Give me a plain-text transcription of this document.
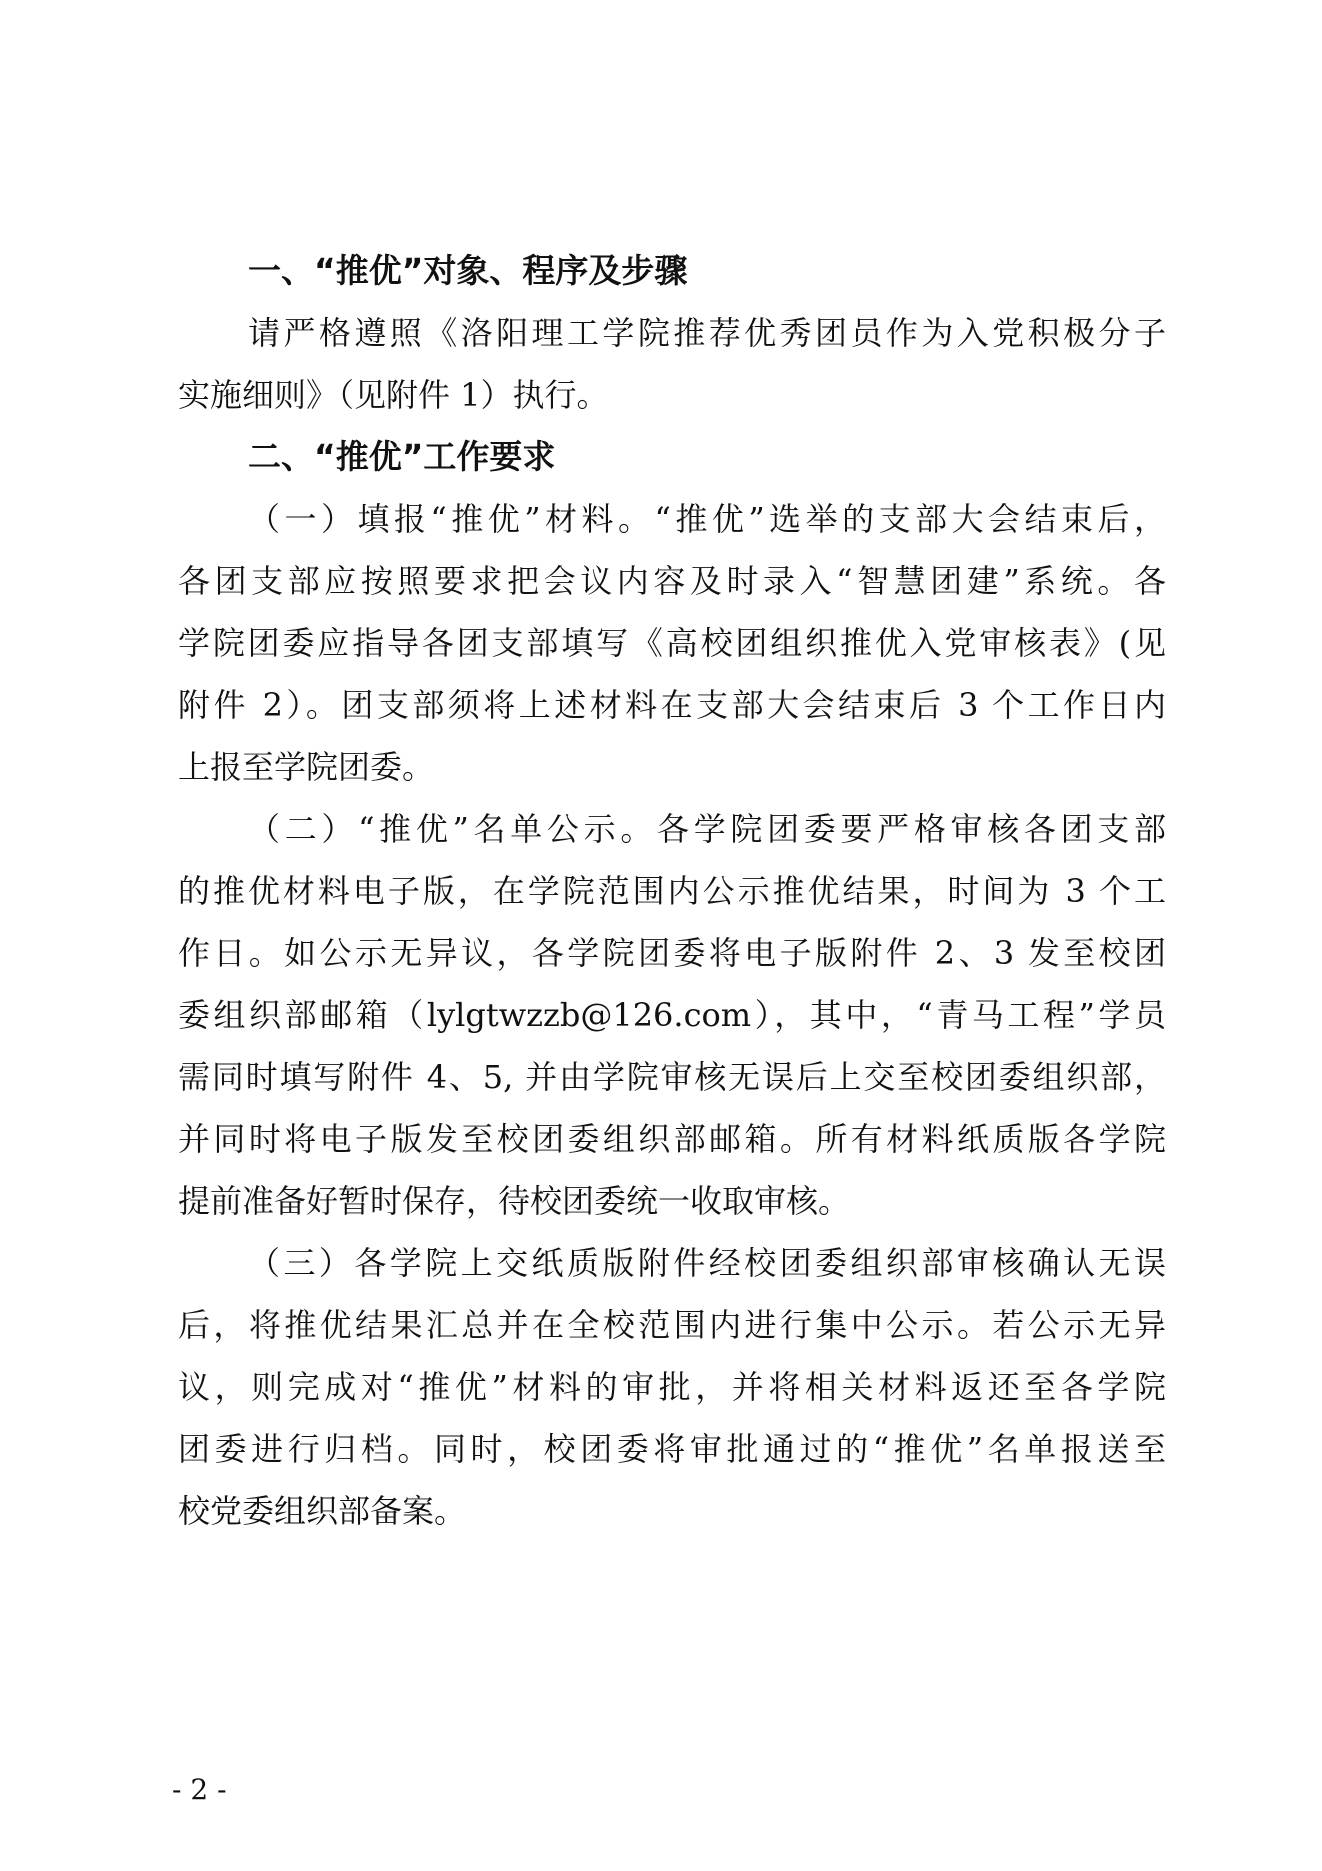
一、“推优”对象、程序及步骤
请严格遵照《洛阳理工学院推荐优秀团员作为入党积极分子
实施细则》（见附件 1）执行。
二、“推优”工作要求
（一）填报“推优”材料。“推优”选举的支部大会结束后，
各团支部应按照要求把会议内容及时录入“智慧团建”系统。各
学院团委应指导各团支部填写《高校团组织推优入党审核表》(见
附件 2）。团支部须将上述材料在支部大会结束后 3 个工作日内
上报至学院团委。
（二）“推优”名单公示。各学院团委要严格审核各团支部
的推优材料电子版，在学院范围内公示推优结果，时间为 3 个工
作日。如公示无异议，各学院团委将电子版附件 2、3 发至校团
委组织部邮箱（lylgtwzzb@126.com），其中，“青马工程”学员
需同时填写附件 4、5, 并由学院审核无误后上交至校团委组织部，
并同时将电子版发至校团委组织部邮箱。所有材料纸质版各学院
提前准备好暂时保存，待校团委统一收取审核。
（三）各学院上交纸质版附件经校团委组织部审核确认无误
后，将推优结果汇总并在全校范围内进行集中公示。若公示无异
议，则完成对“推优”材料的审批，并将相关材料返还至各学院
团委进行归档。同时，校团委将审批通过的“推优”名单报送至
校党委组织部备案。
- 2 -
